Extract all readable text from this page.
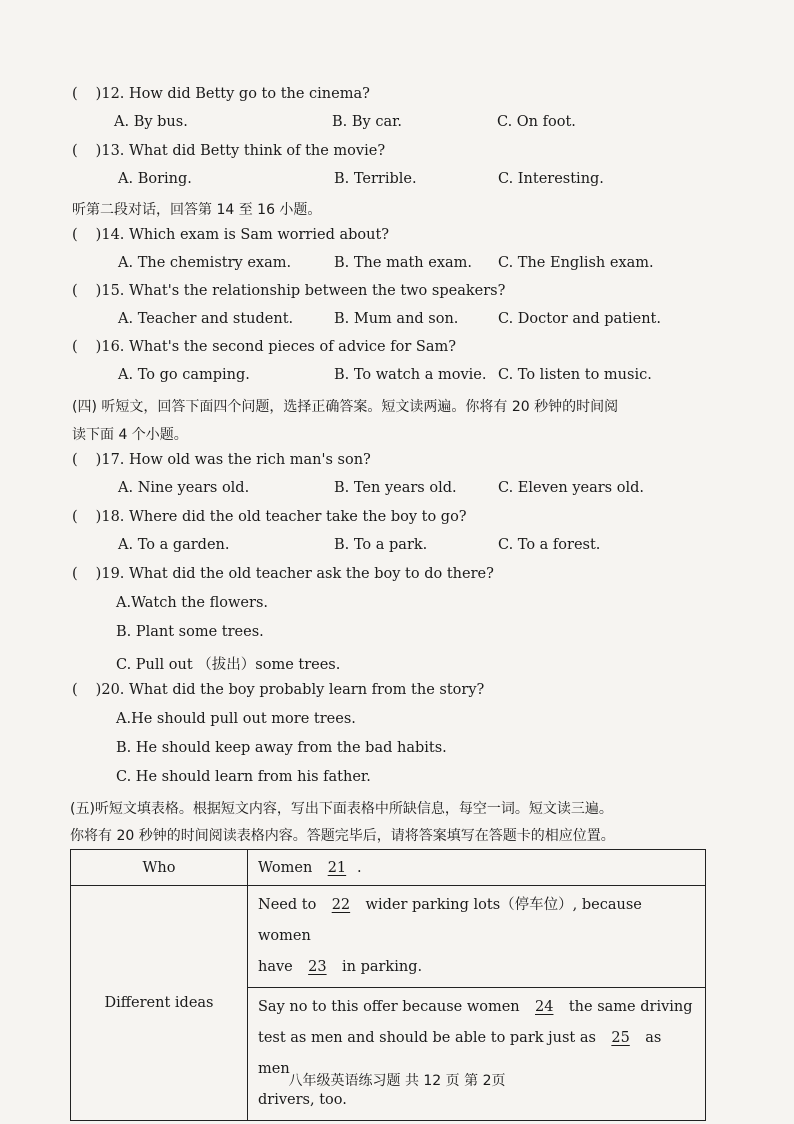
( )12. How did Betty go to the cinema?
A. By bus.	B. By car.	C. On foot.
( )13. What did Betty think of the movie?
A. Boring.	B. Terrible.	C. Interesting.
听第二段对话，回答第 14 至 16 小题。
( )14. Which exam is Sam worried about?
A. The chemistry exam.	B. The math exam. C. The English exam.
( )15. What's the relationship between the two speakers?
A. Teacher and student.	B. Mum and son.	C. Doctor and patient.
( )16. What's the second pieces of advice for Sam?
A. To go camping.	B. To watch a movie. C. To listen to music.
(四) 听短文，回答下面四个问题，选择正确答案。短文读两遍。你将有 20 秒钟的时间阅
读下面 4 个小题。
( )17. How old was the rich man's son?
A. Nine years old.	B. Ten years old.	C. Eleven years old.
( )18. Where did the old teacher take the boy to go?
A. To a garden.	B. To a park.	C. To a forest.
( )19. What did the old teacher ask the boy to do there?
A.Watch the flowers.
B. Plant some trees.
C. Pull out （拔出）some trees.
( )20. What did the boy probably learn from the story?
A.He should pull out more trees.
B. He should keep away from the bad habits.
C. He should learn from his father.
(五)听短文填表格。根据短文内容，写出下面表格中所缺信息，每空一词。短文读三遍。
你将有 20 秒钟的时间阅读表格内容。答题完毕后，请将答案填写在答题卡的相应位置。
Who	Women 21 .

Different ideas	Need to 22 wider parking lots（停车位）, because women
have 23 in parking.

	Say no to this offer because women 24 the same driving
test as men and should be able to park just as 25 as men
drivers, too.
八年级英语练习题 共 12 页 第 2页
